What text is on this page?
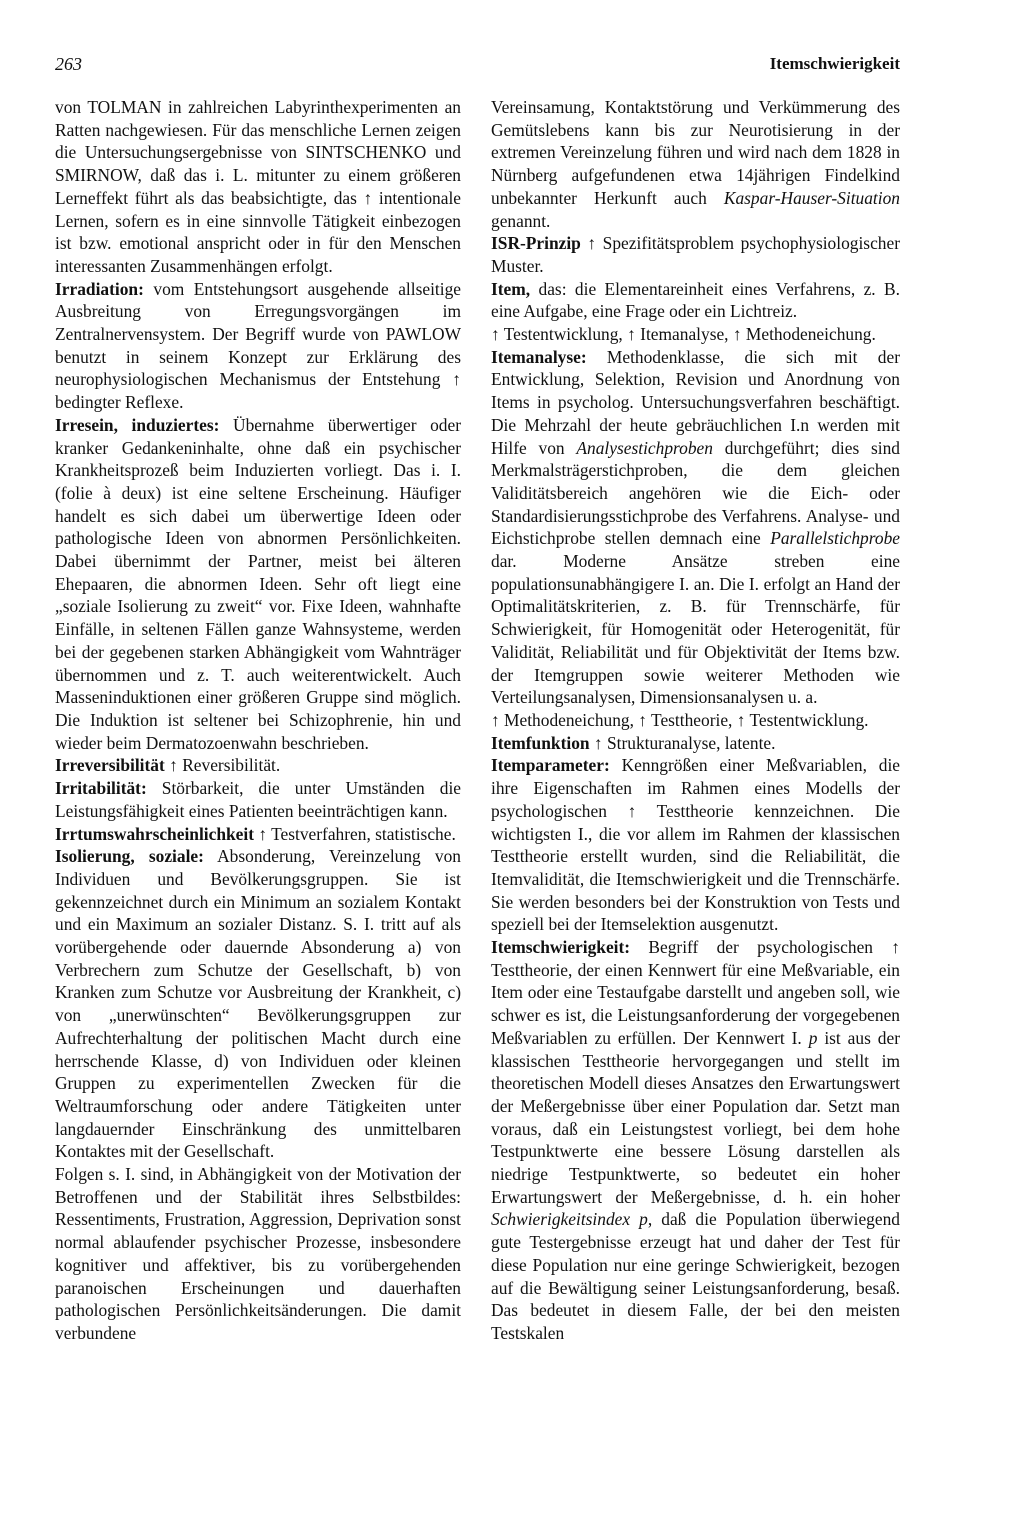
263	Itemschwierigkeit

von TOLMAN in zahlreichen Labyrinthexperimenten an Ratten nachgewiesen. Für das menschliche Lernen zeigen die Untersuchungsergebnisse von SINTSCHENKO und SMIRNOW, daß das i. L. mitunter zu einem größeren Lerneffekt führt als das beabsichtigte, das ↑ intentionale Lernen, sofern es in eine sinnvolle Tätigkeit einbezogen ist bzw. emotional anspricht oder in für den Menschen interessanten Zusammenhängen erfolgt.

Irradiation: vom Entstehungsort ausgehende allseitige Ausbreitung von Erregungsvorgängen im Zentralnervensystem. Der Begriff wurde von PAWLOW benutzt in seinem Konzept zur Erklärung des neurophysiologischen Mechanismus der Entstehung ↑ bedingter Reflexe.

Irresein, induziertes: Übernahme überwertiger oder kranker Gedankeninhalte, ohne daß ein psychischer Krankheitsprozeß beim Induzierten vorliegt. Das i. I. (folie à deux) ist eine seltene Erscheinung. Häufiger handelt es sich dabei um überwertige Ideen oder pathologische Ideen von abnormen Persönlichkeiten. Dabei übernimmt der Partner, meist bei älteren Ehepaaren, die abnormen Ideen. Sehr oft liegt eine „soziale Isolierung zu zweit“ vor. Fixe Ideen, wahnhafte Einfälle, in seltenen Fällen ganze Wahnsysteme, werden bei der gegebenen starken Abhängigkeit vom Wahnträger übernommen und z. T. auch weiterentwickelt. Auch Masseninduktionen einer größeren Gruppe sind möglich. Die Induktion ist seltener bei Schizophrenie, hin und wieder beim Dermatozoenwahn beschrieben.

Irreversibilität ↑ Reversibilität.

Irritabilität: Störbarkeit, die unter Umständen die Leistungsfähigkeit eines Patienten beeinträchtigen kann.

Irrtumswahrscheinlichkeit ↑ Testverfahren, statistische.

Isolierung, soziale: Absonderung, Vereinzelung von Individuen und Bevölkerungsgruppen. Sie ist gekennzeichnet durch ein Minimum an sozialem Kontakt und ein Maximum an sozialer Distanz. S. I. tritt auf als vorübergehende oder dauernde Absonderung a) von Verbrechern zum Schutze der Gesellschaft, b) von Kranken zum Schutze vor Ausbreitung der Krankheit, c) von „unerwünschten“ Bevölkerungsgruppen zur Aufrechterhaltung der politischen Macht durch eine herrschende Klasse, d) von Individuen oder kleinen Gruppen zu experimentellen Zwecken für die Weltraumforschung oder andere Tätigkeiten unter langdauernder Einschränkung des unmittelbaren Kontaktes mit der Gesellschaft.

Folgen s. I. sind, in Abhängigkeit von der Motivation der Betroffenen und der Stabilität ihres Selbstbildes: Ressentiments, Frustration, Aggression, Deprivation sonst normal ablaufender psychischer Prozesse, insbesondere kognitiver und affektiver, bis zu vorübergehenden paranoischen Erscheinungen und dauerhaften pathologischen Persönlichkeitsänderungen. Die damit verbundene

Vereinsamung, Kontaktstörung und Verkümmerung des Gemütslebens kann bis zur Neurotisierung in der extremen Vereinzelung führen und wird nach dem 1828 in Nürnberg aufgefundenen etwa 14jährigen Findelkind unbekannter Herkunft auch Kaspar-Hauser-Situation genannt.

ISR-Prinzip ↑ Spezifitätsproblem psychophysiologischer Muster.

Item, das: die Elementareinheit eines Verfahrens, z. B. eine Aufgabe, eine Frage oder ein Lichtreiz.

↑ Testentwicklung, ↑ Itemanalyse, ↑ Methodeneichung.

Itemanalyse: Methodenklasse, die sich mit der Entwicklung, Selektion, Revision und Anordnung von Items in psycholog. Untersuchungsverfahren beschäftigt. Die Mehrzahl der heute gebräuchlichen I.n werden mit Hilfe von Analysestichproben durchgeführt; dies sind Merkmalsträgerstichproben, die dem gleichen Validitätsbereich angehören wie die Eich- oder Standardisierungsstichprobe des Verfahrens. Analyse- und Eichstichprobe stellen demnach eine Parallelstichprobe dar. Moderne Ansätze streben eine populationsunabhängigere I. an. Die I. erfolgt an Hand der Optimalitätskriterien, z. B. für Trennschärfe, für Schwierigkeit, für Homogenität oder Heterogenität, für Validität, Reliabilität und für Objektivität der Items bzw. der Itemgruppen sowie weiterer Methoden wie Verteilungsanalysen, Dimensionsanalysen u. a.

↑ Methodeneichung, ↑ Testtheorie, ↑ Testentwicklung.

Itemfunktion ↑ Strukturanalyse, latente.

Itemparameter: Kenngrößen einer Meßvariablen, die ihre Eigenschaften im Rahmen eines Modells der psychologischen ↑ Testtheorie kennzeichnen. Die wichtigsten I., die vor allem im Rahmen der klassischen Testtheorie erstellt wurden, sind die Reliabilität, die Itemvalidität, die Itemschwierigkeit und die Trennschärfe. Sie werden besonders bei der Konstruktion von Tests und speziell bei der Itemselektion ausgenutzt.

Itemschwierigkeit: Begriff der psychologischen ↑ Testtheorie, der einen Kennwert für eine Meßvariable, ein Item oder eine Testaufgabe darstellt und angeben soll, wie schwer es ist, die Leistungsanforderung der vorgegebenen Meßvariablen zu erfüllen. Der Kennwert I. p ist aus der klassischen Testtheorie hervorgegangen und stellt im theoretischen Modell dieses Ansatzes den Erwartungswert der Meßergebnisse über einer Population dar. Setzt man voraus, daß ein Leistungstest vorliegt, bei dem hohe Testpunktwerte eine bessere Lösung darstellen als niedrige Testpunktwerte, so bedeutet ein hoher Erwartungswert der Meßergebnisse, d. h. ein hoher Schwierigkeitsindex p, daß die Population überwiegend gute Testergebnisse erzeugt hat und daher der Test für diese Population nur eine geringe Schwierigkeit, bezogen auf die Bewältigung seiner Leistungsanforderung, besaß. Das bedeutet in diesem Falle, der bei den meisten Testskalen
